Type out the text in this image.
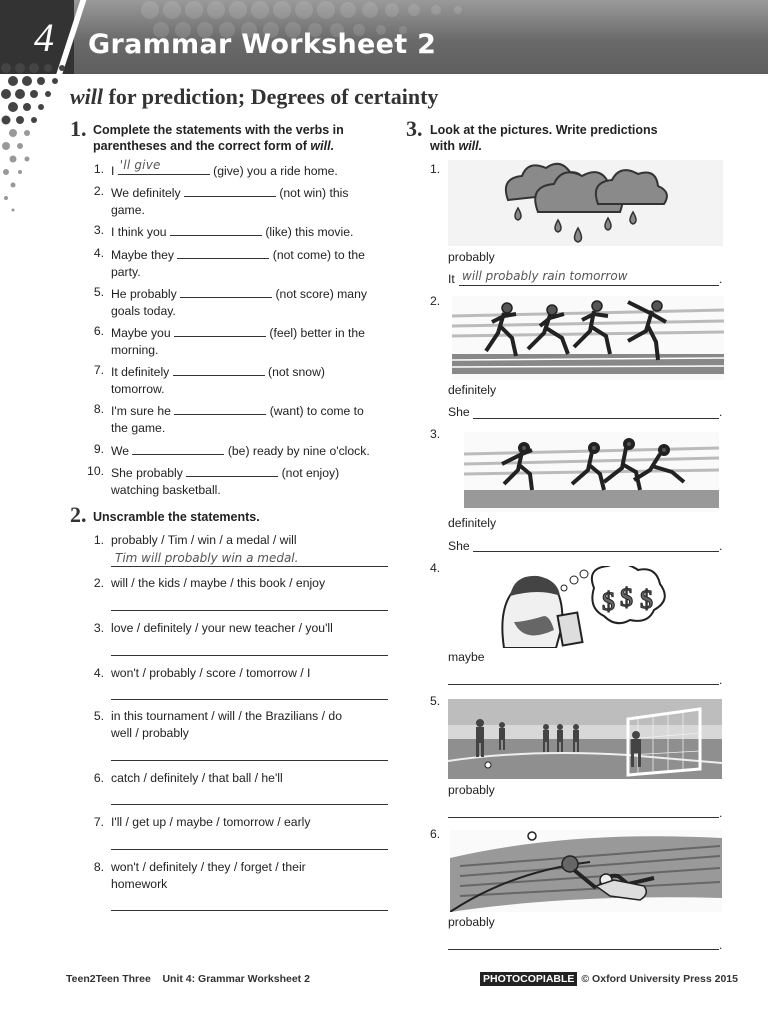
4 Grammar Worksheet 2
will for prediction; Degrees of certainty
1. Complete the statements with the verbs in
parentheses and the correct form of will.
1. I 'll give	(give) you a ride home.
2. We definitely	(not win) this
game.
3. I think you	(like) this movie.
4. Maybe they	(not come) to the
party.
5. He probably	(not score) many
goals today.
6. Maybe you	(feel) better in the
morning.
7. It definitely	(not snow)
tomorrow.
8. I'm sure he	(want) to come to
the game.
9. We	(be) ready by nine o'clock.
10. She probably	(not enjoy)
watching basketball.
2. Unscramble the statements.
1. probably / Tim / win / a medal / will
Tim will probably win a medal.
2. will / the kids / maybe / this book / enjoy
3. love / definitely / your new teacher / you'll
4. won't / probably / score / tomorrow / I
5. in this tournament / will / the Brazilians / do
well / probably
6. catch / definitely / that ball / he'll
7. I'll / get up / maybe / tomorrow / early
8. won't / definitely / they / forget / their
homework
3. Look at the pictures. Write predictions
with will.
1.
probably
It will probably rain tomorrow	.
2.
definitely
She	.
3.
definitely
She	.
4.
$ $ $
maybe
.
5.
probably
.
6.
probably
.
Teen2Teen Three    Unit 4: Grammar Worksheet 2	PHOTOCOPIABLE © Oxford University Press 2015
